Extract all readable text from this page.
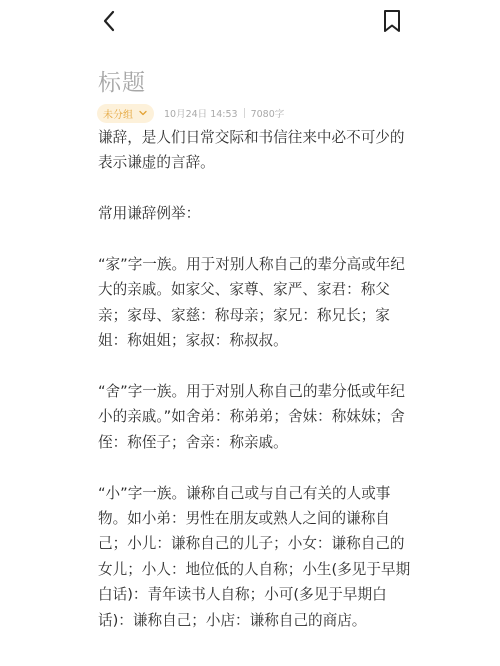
标题
未分组	10月24日 14:53 7080字

谦辞，是人们日常交际和书信往来中必不可少的表示谦虚的言辞。

常用谦辞例举：

“家”字一族。用于对别人称自己的辈分高或年纪大的亲戚。如家父、家尊、家严、家君：称父亲；家母、家慈：称母亲；家兄：称兄长；家姐：称姐姐；家叔：称叔叔。

“舍”字一族。用于对别人称自己的辈分低或年纪小的亲戚。”如舍弟：称弟弟；舍妹：称妹妹；舍侄：称侄子；舍亲：称亲戚。

“小”字一族。谦称自己或与自己有关的人或事物。如小弟：男性在朋友或熟人之间的谦称自己；小儿：谦称自己的儿子；小女：谦称自己的女儿；小人：地位低的人自称；小生(多见于早期白话)：青年读书人自称；小可(多见于早期白话)：谦称自己；小店：谦称自己的商店。
